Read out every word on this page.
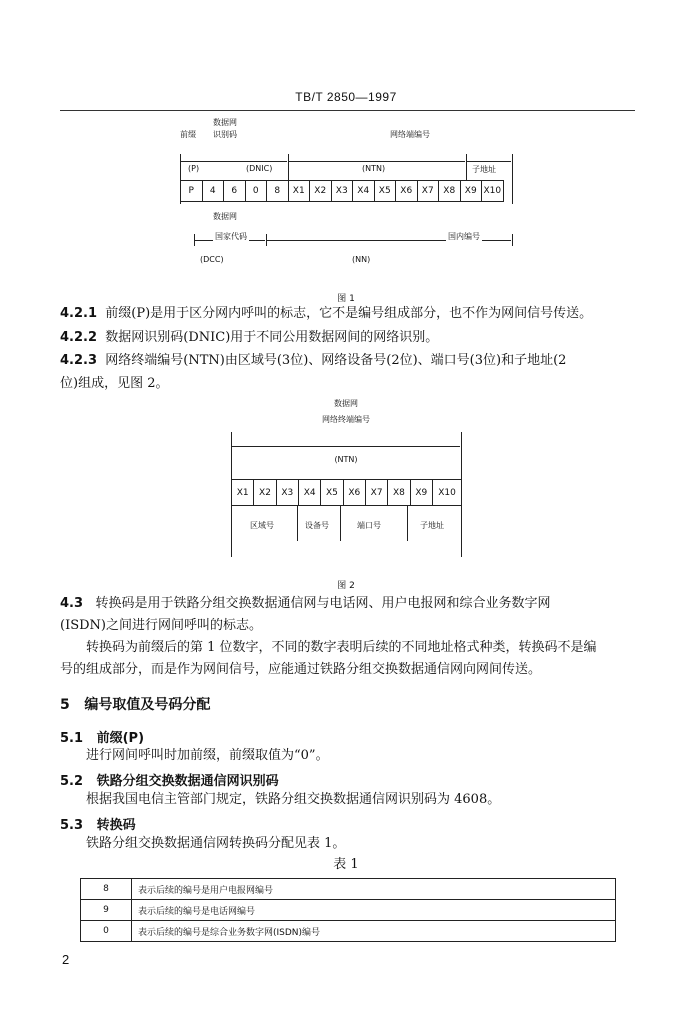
TB/T 2850—1997
数据网
前缀 识别码	网络端编号
(P)	(DNIC)	(NTN)	子地址
P	4	6	0	8	X1	X2	X3	X4	X5	X6	X7	X8	X9	X10
数据网
国家代码	国内编号
(DCC)	(NN)
图 1
4.2.1 前缀(P)是用于区分网内呼叫的标志，它不是编号组成部分，也不作为网间信号传送。
4.2.2 数据网识别码(DNIC)用于不同公用数据网间的网络识别。
4.2.3 网络终端编号(NTN)由区域号(3位)、网络设备号(2位)、端口号(3位)和子地址(2
位)组成，见图 2。
数据网
网络终端编号
(NTN)
X1	X2	X3	X4	X5	X6	X7	X8	X9	X10
区域号	设备号	端口号	子地址
图 2
4.3 转换码是用于铁路分组交换数据通信网与电话网、用户电报网和综合业务数字网
(ISDN)之间进行网间呼叫的标志。
转换码为前缀后的第 1 位数字，不同的数字表明后续的不同地址格式种类，转换码不是编
号的组成部分，而是作为网间信号，应能通过铁路分组交换数据通信网向网间传送。
5 编号取值及号码分配
5.1 前缀(P)
进行网间呼叫时加前缀，前缀取值为“0”。
5.2 铁路分组交换数据通信网识别码
根据我国电信主管部门规定，铁路分组交换数据通信网识别码为 4608。
5.3 转换码
铁路分组交换数据通信网转换码分配见表 1。
表 1
8	表示后续的编号是用户电报网编号
9	表示后续的编号是电话网编号
0	表示后续的编号是综合业务数字网(ISDN)编号
2
